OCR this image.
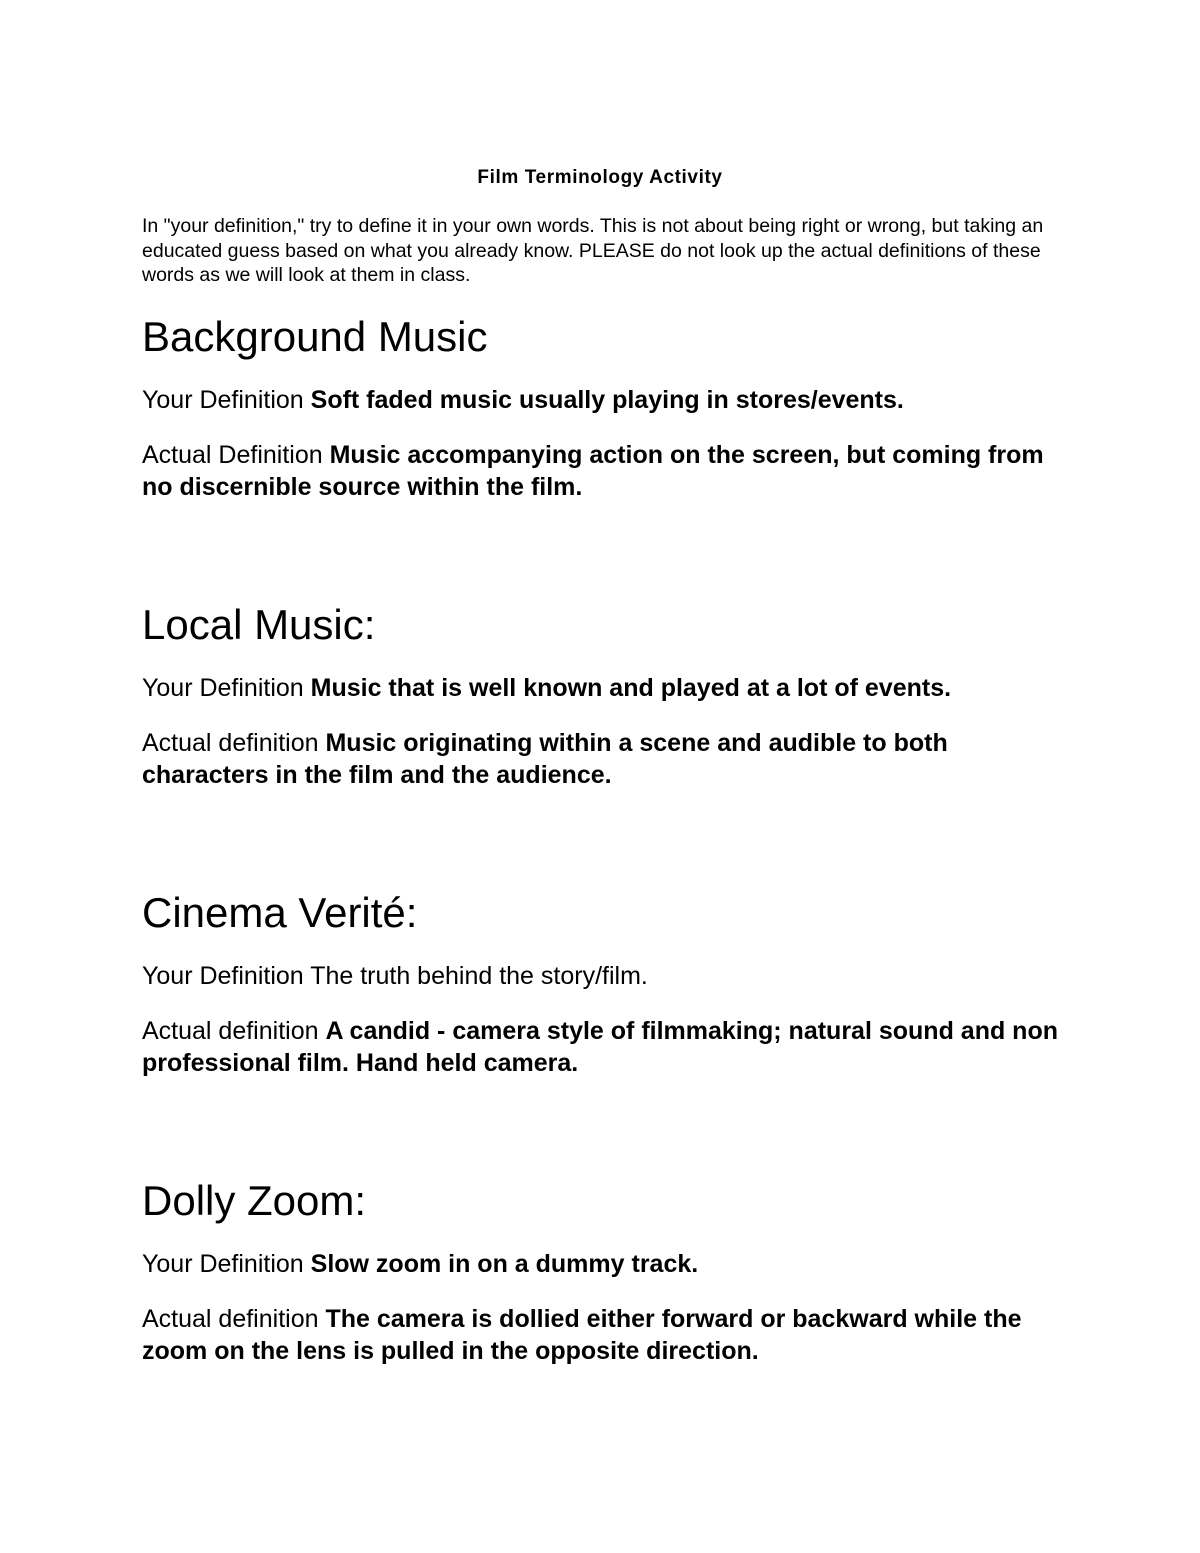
Film Terminology Activity

In "your definition," try to define it in your own words. This is not about being right or wrong, but taking an educated guess based on what you already know. PLEASE do not look up the actual definitions of these words as we will look at them in class.

Background Music

Your Definition Soft faded music usually playing in stores/events.

Actual Definition Music accompanying action on the screen, but coming from no discernible source within the film.

Local Music:

Your Definition Music that is well known and played at a lot of events.

Actual definition Music originating within a scene and audible to both characters in the film and the audience.

Cinema Verité:

Your Definition The truth behind the story/film.

Actual definition A candid - camera style of filmmaking; natural sound and non professional film. Hand held camera.

Dolly Zoom:

Your Definition Slow zoom in on a dummy track.

Actual definition The camera is dollied either forward or backward while the zoom on the lens is pulled in the opposite direction.
